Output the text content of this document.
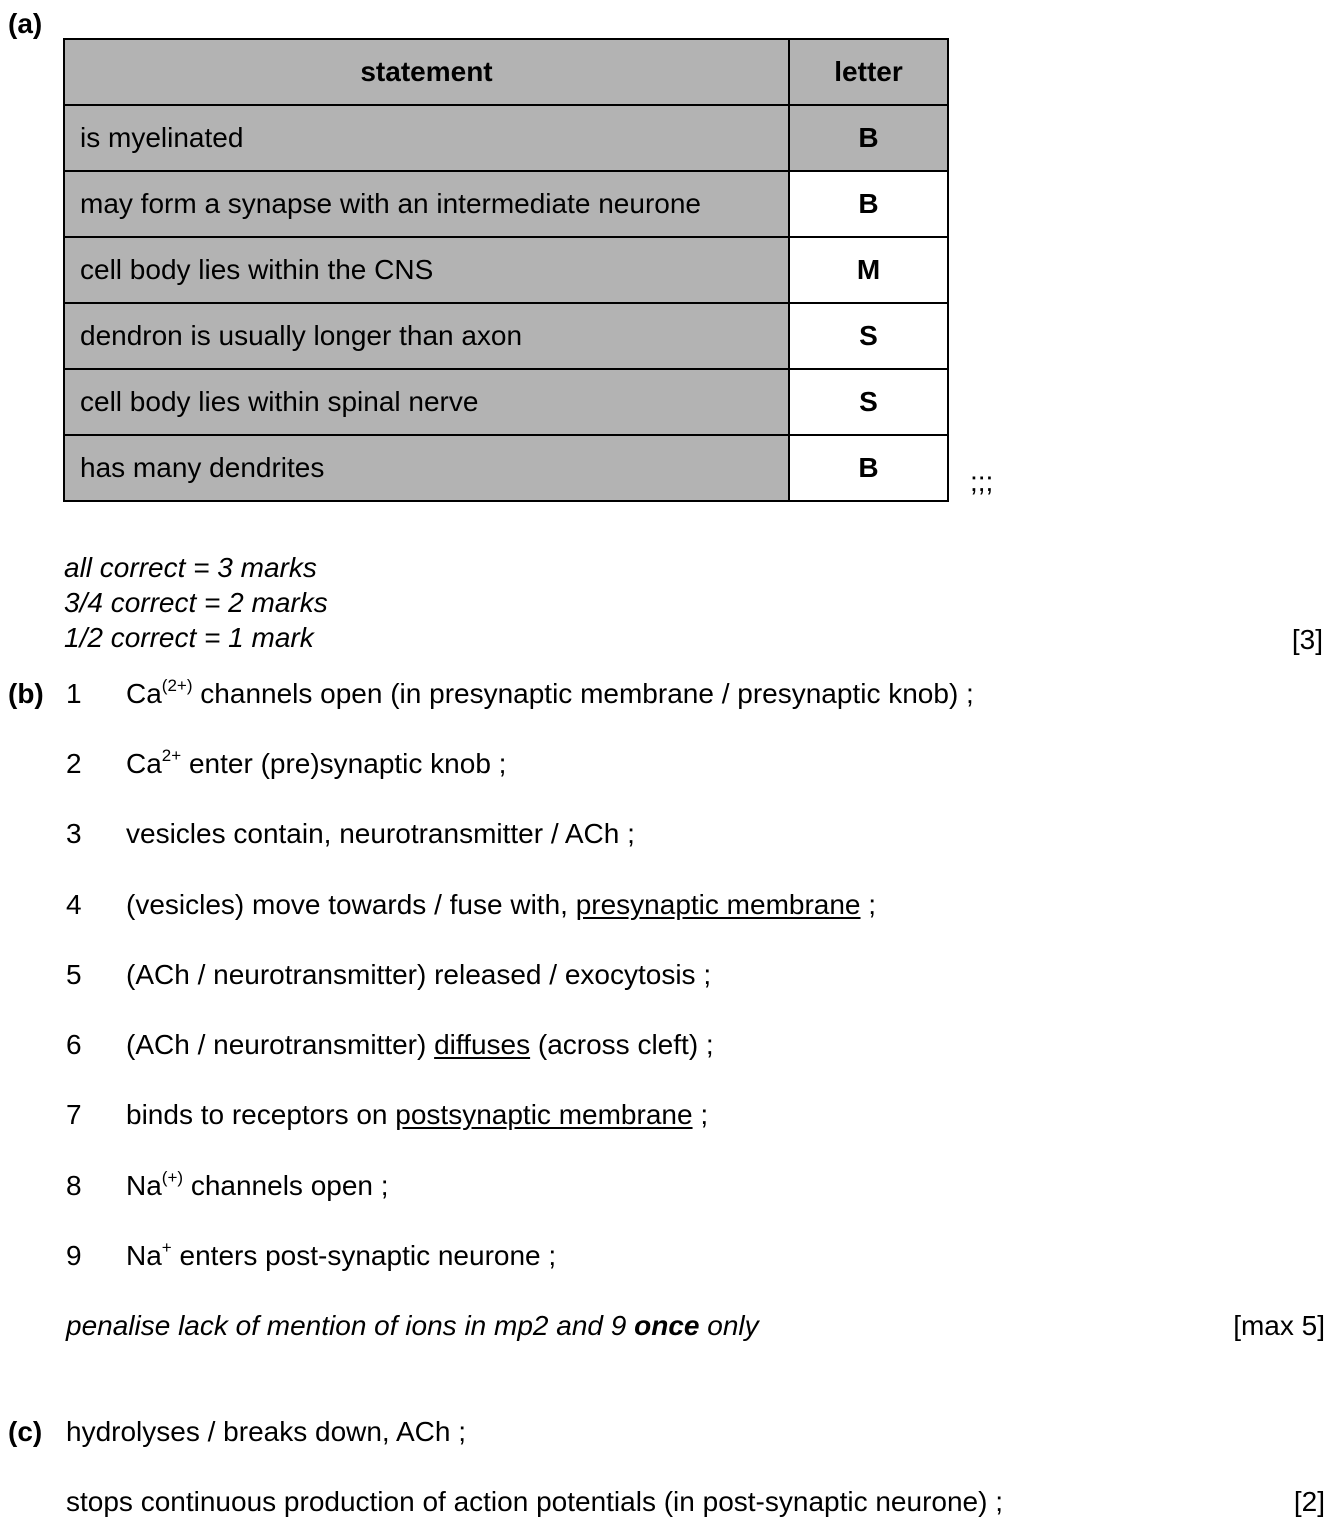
(a)
statement	letter
is myelinated	B
may form a synapse with an intermediate neurone	B
cell body lies within the CNS	M
dendron is usually longer than axon	S
cell body lies within spinal nerve	S
has many dendrites	B	;;;
all correct = 3 marks
3/4 correct = 2 marks
1/2 correct = 1 mark	[3]
(b) 1 $Ca^{(2+)}$ channels open (in presynaptic membrane / presynaptic knob) ;
2 $Ca^{2+}$ enter (pre)synaptic knob ;
3 vesicles contain, neurotransmitter / ACh ;
4 (vesicles) move towards / fuse with, presynaptic membrane ;
5 (ACh / neurotransmitter) released / exocytosis ;
6 (ACh / neurotransmitter) diffuses (across cleft) ;
7 binds to receptors on postsynaptic membrane ;
8 Na(+) channels open ;
9 Na+ enters post-synaptic neurone ;
penalise lack of mention of ions in mp2 and 9 once only	[max 5]
(c) hydrolyses / breaks down, ACh ;
stops continuous production of action potentials (in post-synaptic neurone) ;	[2]
